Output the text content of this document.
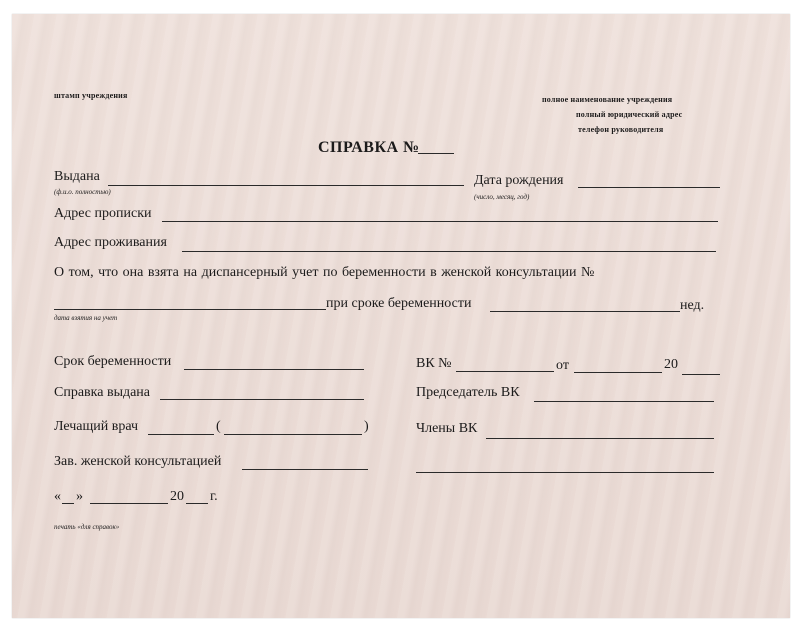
штамп учреждения	полное наименование учреждения
полный юридический адрес
телефон руководителя
СПРАВКА №
Выдана
(ф.и.о. полностью)
Дата рождения
(число, месяц, год)
Адрес прописки
Адрес проживания
О том, что она взята на диспансерный учет по беременности в женской консультации №
дата взятия на учет
при сроке беременности	нед.
Срок беременности
Справка выдана
Лечащий врач	(	)
Зав. женской консультацией
« »	20 г.
печать «для справок»
ВК №	от	20
Председатель ВК
Члены ВК
